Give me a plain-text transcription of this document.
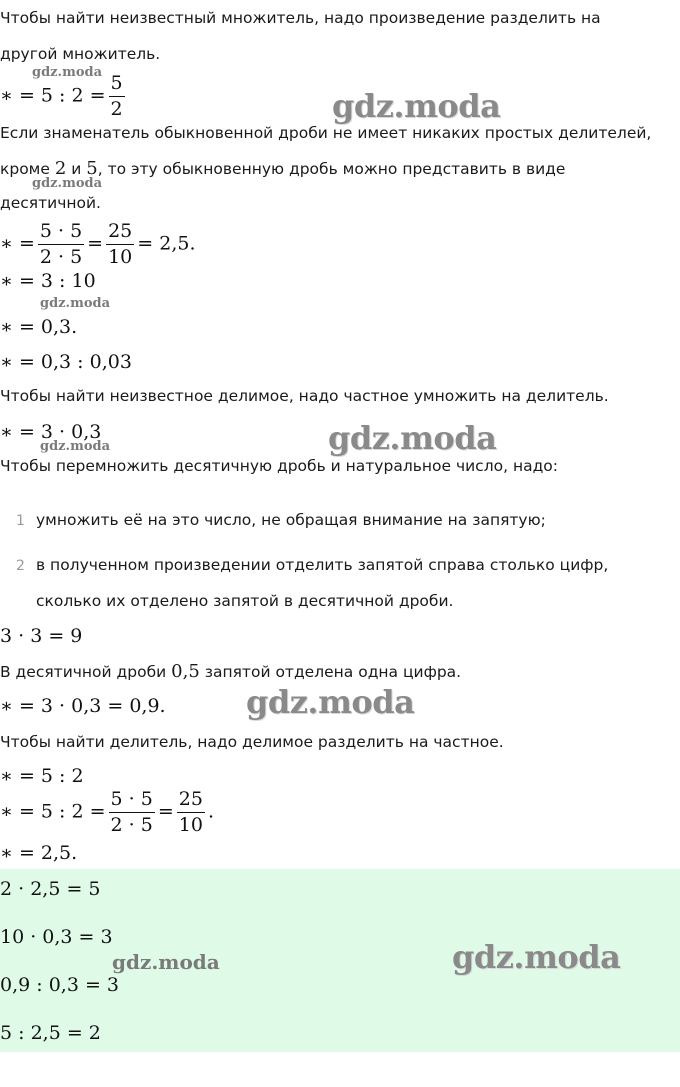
Чтобы найти неизвестный множитель, надо произведение разделить на
другой множитель.
∗ = 5 : $2 = \frac{5}{2}$
Если знаменатель обыкновенной дроби не имеет никаких простых делителей,
кроме 2 и 5, то эту обыкновенную дробь можно представить в виде
десятичной.
∗ = $\frac{5 \cdot 5}{2 \cdot 5} = \frac{25}{10} = 2,5$.
∗ = 3 : 10
∗ = 0,3.
∗ = 0,3 : 0,03
Чтобы найти неизвестное делимое, надо частное умножить на делитель.
∗ = 3 · 0,3
Чтобы перемножить десятичную дробь и натуральное число, надо:
1 умножить её на это число, не обращая внимание на запятую;
2 в полученном произведении отделить запятой справа столько цифр,
сколько их отделено запятой в десятичной дроби.
3 · 3 = 9
В десятичной дроби 0,5 запятой отделена одна цифра.
∗ = 3 · 0,3 = 0,9.
Чтобы найти делитель, надо делимое разделить на частное.
∗ = 5 : 2
∗ = 5 : $2 = \frac{5 \cdot 5}{2 \cdot 5} = \frac{25}{10}$ .
∗ = 2,5.
2 · 2,5 = 5
10 · 0,3 = 3
0,9 : 0,3 = 3
5 : 2,5 = 2
gdz.moda
gdz.moda
gdz.moda
gdz.moda
gdz.moda
gdz.moda
gdz.moda
gdz.moda	gdz.moda
